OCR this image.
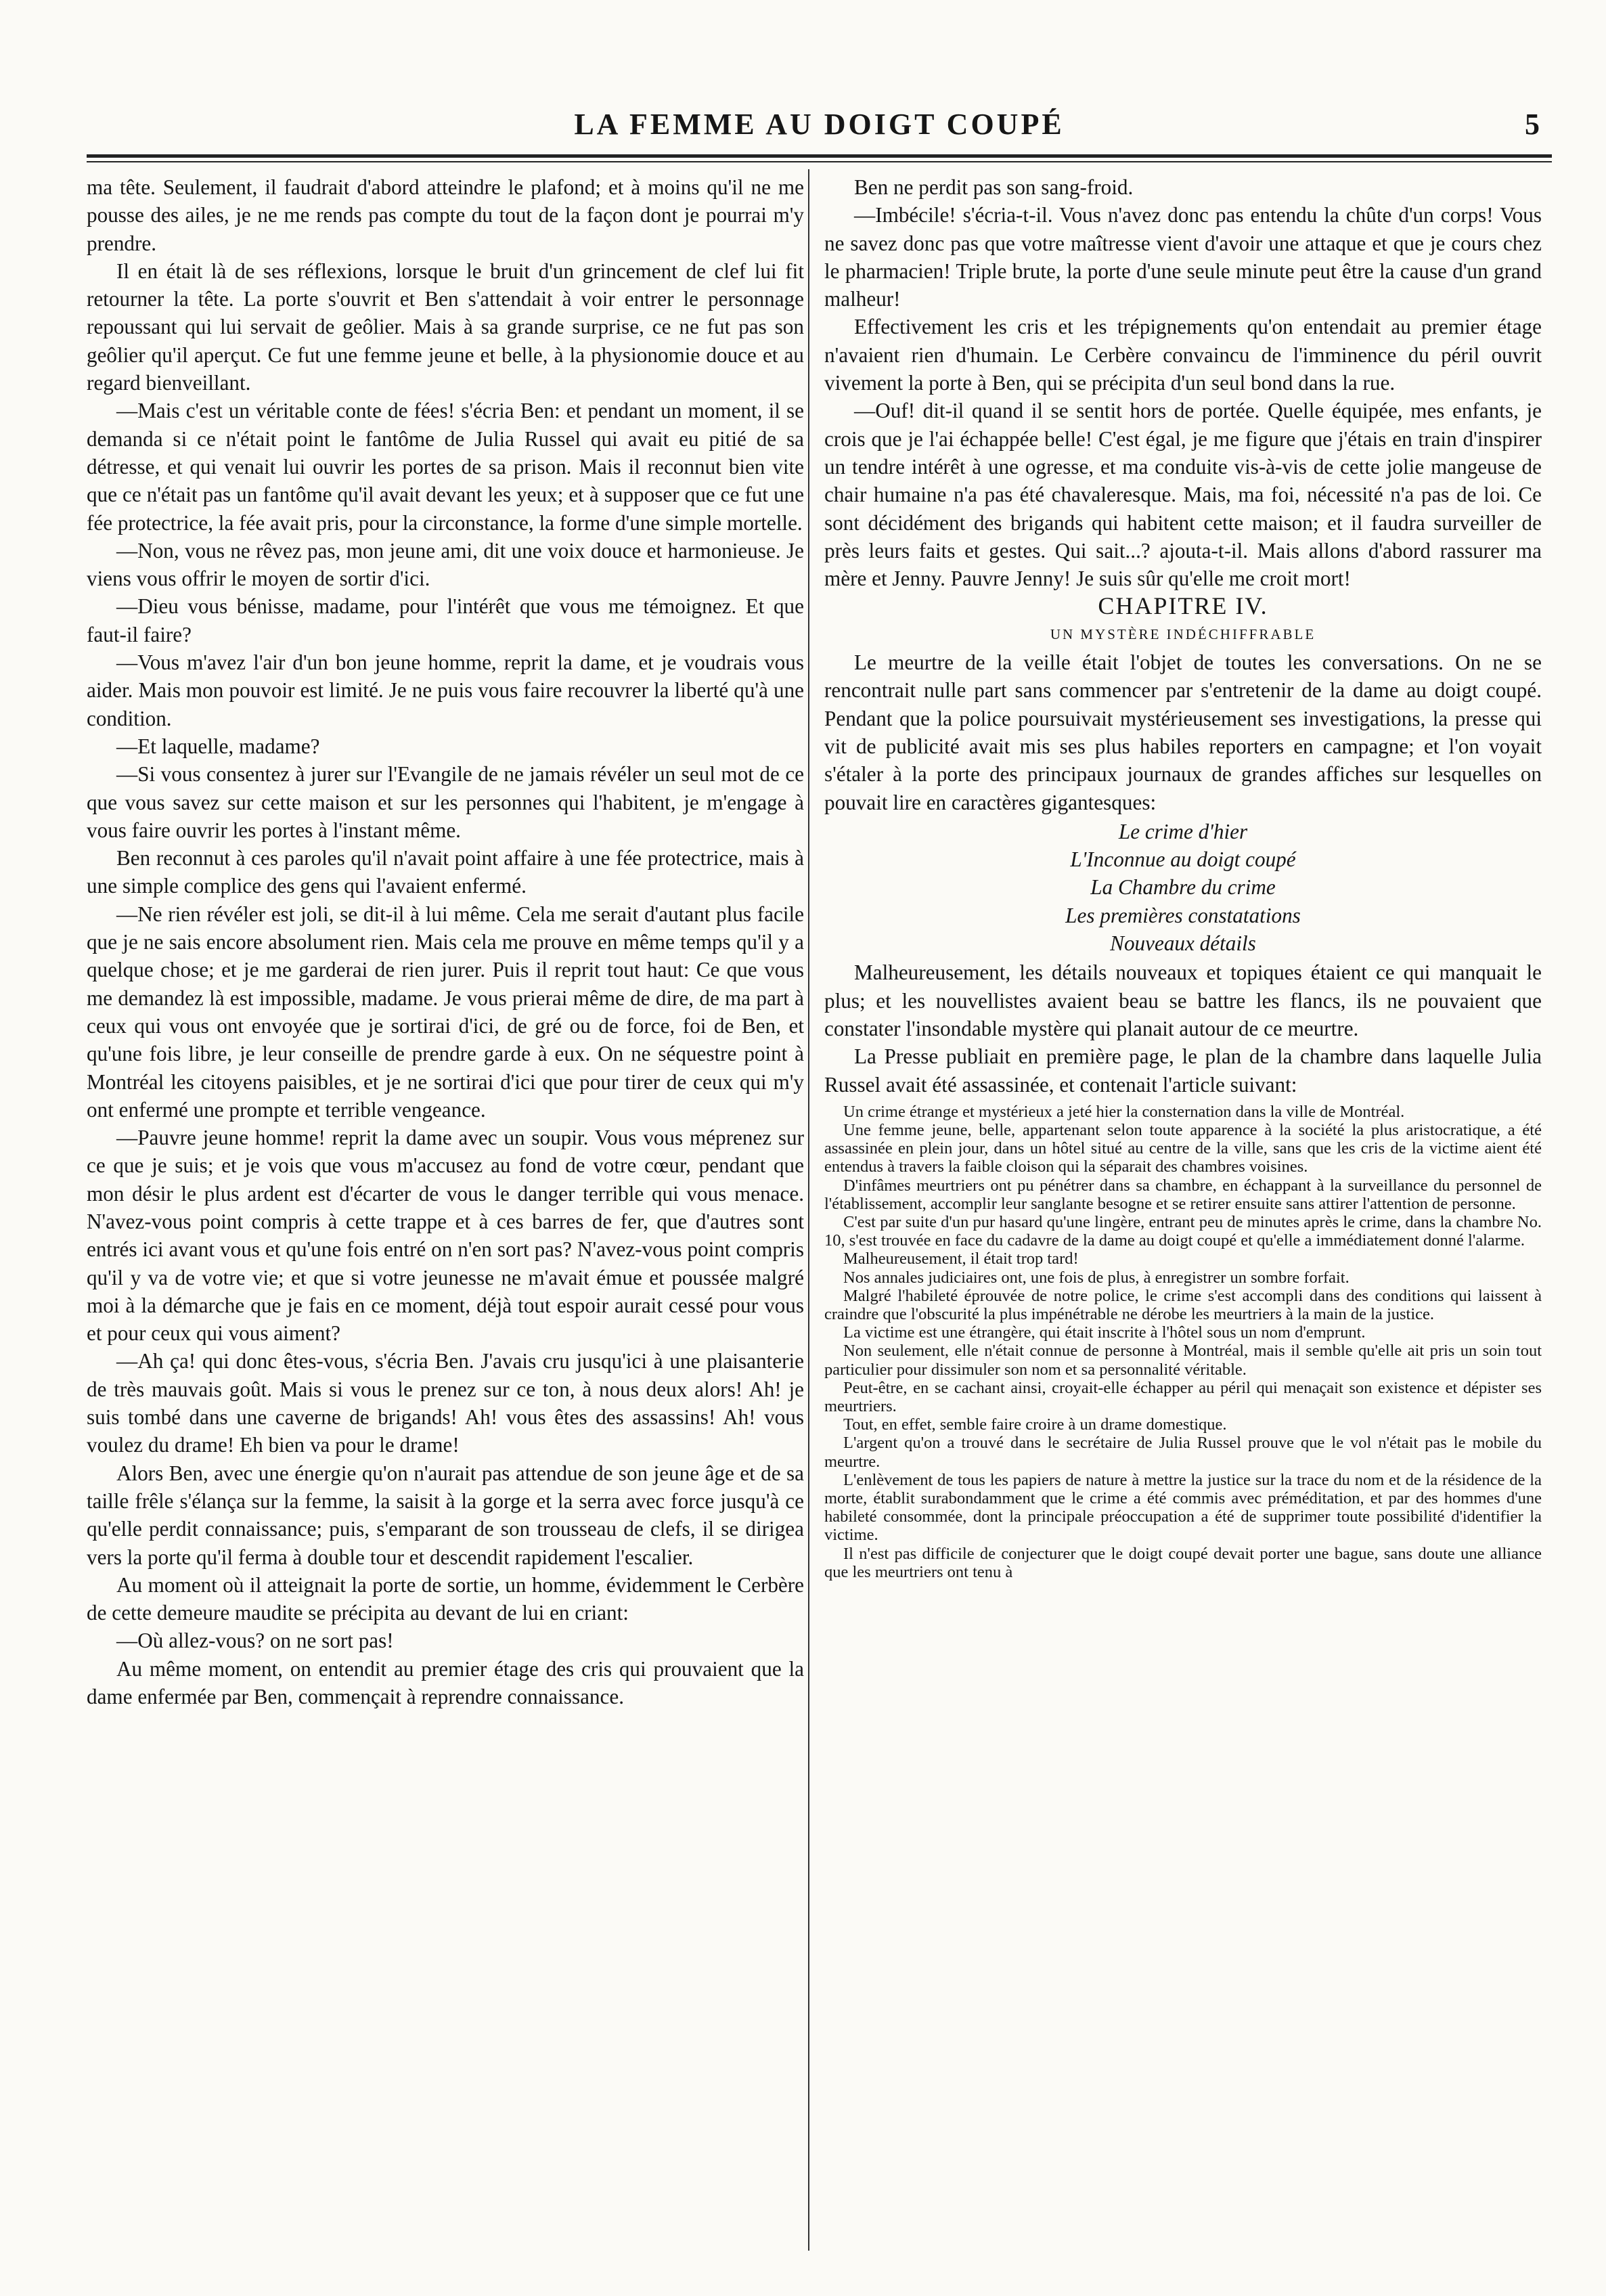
LA FEMME AU DOIGT COUPÉ	5

ma tête. Seulement, il faudrait d'abord atteindre le plafond; et à moins qu'il ne me pousse des ailes, je ne me rends pas compte du tout de la façon dont je pourrai m'y prendre.

Il en était là de ses réflexions, lorsque le bruit d'un grincement de clef lui fit retourner la tête. La porte s'ouvrit et Ben s'attendait à voir entrer le personnage repoussant qui lui servait de geôlier. Mais à sa grande surprise, ce ne fut pas son geôlier qu'il aperçut. Ce fut une femme jeune et belle, à la physionomie douce et au regard bienveillant.

—Mais c'est un véritable conte de fées! s'écria Ben: et pendant un moment, il se demanda si ce n'était point le fantôme de Julia Russel qui avait eu pitié de sa détresse, et qui venait lui ouvrir les portes de sa prison. Mais il reconnut bien vite que ce n'était pas un fantôme qu'il avait devant les yeux; et à supposer que ce fut une fée protectrice, la fée avait pris, pour la circonstance, la forme d'une simple mortelle.

—Non, vous ne rêvez pas, mon jeune ami, dit une voix douce et harmonieuse. Je viens vous offrir le moyen de sortir d'ici.

—Dieu vous bénisse, madame, pour l'intérêt que vous me témoignez. Et que faut-il faire?

—Vous m'avez l'air d'un bon jeune homme, reprit la dame, et je voudrais vous aider. Mais mon pouvoir est limité. Je ne puis vous faire recouvrer la liberté qu'à une condition.

—Et laquelle, madame?

—Si vous consentez à jurer sur l'Evangile de ne jamais révéler un seul mot de ce que vous savez sur cette maison et sur les personnes qui l'habitent, je m'engage à vous faire ouvrir les portes à l'instant même.

Ben reconnut à ces paroles qu'il n'avait point affaire à une fée protectrice, mais à une simple complice des gens qui l'avaient enfermé.

—Ne rien révéler est joli, se dit-il à lui même. Cela me serait d'autant plus facile que je ne sais encore absolument rien. Mais cela me prouve en même temps qu'il y a quelque chose; et je me garderai de rien jurer. Puis il reprit tout haut: Ce que vous me demandez là est impossible, madame. Je vous prierai même de dire, de ma part à ceux qui vous ont envoyée que je sortirai d'ici, de gré ou de force, foi de Ben, et qu'une fois libre, je leur conseille de prendre garde à eux. On ne séquestre point à Montréal les citoyens paisibles, et je ne sortirai d'ici que pour tirer de ceux qui m'y ont enfermé une prompte et terrible vengeance.

—Pauvre jeune homme! reprit la dame avec un soupir. Vous vous méprenez sur ce que je suis; et je vois que vous m'accusez au fond de votre cœur, pendant que mon désir le plus ardent est d'écarter de vous le danger terrible qui vous menace. N'avez-vous point compris à cette trappe et à ces barres de fer, que d'autres sont entrés ici avant vous et qu'une fois entré on n'en sort pas? N'avez-vous point compris qu'il y va de votre vie; et que si votre jeunesse ne m'avait émue et poussée malgré moi à la démarche que je fais en ce moment, déjà tout espoir aurait cessé pour vous et pour ceux qui vous aiment?

—Ah ça! qui donc êtes-vous, s'écria Ben. J'avais cru jusqu'ici à une plaisanterie de très mauvais goût. Mais si vous le prenez sur ce ton, à nous deux alors! Ah! je suis tombé dans une caverne de brigands! Ah! vous êtes des assassins! Ah! vous voulez du drame! Eh bien va pour le drame!

Alors Ben, avec une énergie qu'on n'aurait pas attendue de son jeune âge et de sa taille frêle s'élança sur la femme, la saisit à la gorge et la serra avec force jusqu'à ce qu'elle perdit connaissance; puis, s'emparant de son trousseau de clefs, il se dirigea vers la porte qu'il ferma à double tour et descendit rapidement l'escalier.

Au moment où il atteignait la porte de sortie, un homme, évidemment le Cerbère de cette demeure maudite se précipita au devant de lui en criant:

—Où allez-vous? on ne sort pas!

Au même moment, on entendit au premier étage des cris qui prouvaient que la dame enfermée par Ben, commençait à reprendre connaissance.

Ben ne perdit pas son sang-froid.

—Imbécile! s'écria-t-il. Vous n'avez donc pas entendu la chûte d'un corps! Vous ne savez donc pas que votre maîtresse vient d'avoir une attaque et que je cours chez le pharmacien! Triple brute, la porte d'une seule minute peut être la cause d'un grand malheur!

Effectivement les cris et les trépignements qu'on entendait au premier étage n'avaient rien d'humain. Le Cerbère convaincu de l'imminence du péril ouvrit vivement la porte à Ben, qui se précipita d'un seul bond dans la rue.

—Ouf! dit-il quand il se sentit hors de portée. Quelle équipée, mes enfants, je crois que je l'ai échappée belle! C'est égal, je me figure que j'étais en train d'inspirer un tendre intérêt à une ogresse, et ma conduite vis-à-vis de cette jolie mangeuse de chair humaine n'a pas été chavaleresque. Mais, ma foi, nécessité n'a pas de loi. Ce sont décidément des brigands qui habitent cette maison; et il faudra surveiller de près leurs faits et gestes. Qui sait...? ajouta-t-il. Mais allons d'abord rassurer ma mère et Jenny. Pauvre Jenny! Je suis sûr qu'elle me croit mort!

CHAPITRE IV.

UN MYSTÈRE INDÉCHIFFRABLE

Le meurtre de la veille était l'objet de toutes les conversations. On ne se rencontrait nulle part sans commencer par s'entretenir de la dame au doigt coupé. Pendant que la police poursuivait mystérieusement ses investigations, la presse qui vit de publicité avait mis ses plus habiles reporters en campagne; et l'on voyait s'étaler à la porte des principaux journaux de grandes affiches sur lesquelles on pouvait lire en caractères gigantesques:

Le crime d'hier
L'Inconnue au doigt coupé
La Chambre du crime
Les premières constatations
Nouveaux détails

Malheureusement, les détails nouveaux et topiques étaient ce qui manquait le plus; et les nouvellistes avaient beau se battre les flancs, ils ne pouvaient que constater l'insondable mystère qui planait autour de ce meurtre.

La Presse publiait en première page, le plan de la chambre dans laquelle Julia Russel avait été assassinée, et contenait l'article suivant:

Un crime étrange et mystérieux a jeté hier la consternation dans la ville de Montréal.

Une femme jeune, belle, appartenant selon toute apparence à la société la plus aristocratique, a été assassinée en plein jour, dans un hôtel situé au centre de la ville, sans que les cris de la victime aient été entendus à travers la faible cloison qui la séparait des chambres voisines.

D'infâmes meurtriers ont pu pénétrer dans sa chambre, en échappant à la surveillance du personnel de l'établissement, accomplir leur sanglante besogne et se retirer ensuite sans attirer l'attention de personne.

C'est par suite d'un pur hasard qu'une lingère, entrant peu de minutes après le crime, dans la chambre No. 10, s'est trouvée en face du cadavre de la dame au doigt coupé et qu'elle a immédiatement donné l'alarme.

Malheureusement, il était trop tard!

Nos annales judiciaires ont, une fois de plus, à enregistrer un sombre forfait.

Malgré l'habileté éprouvée de notre police, le crime s'est accompli dans des conditions qui laissent à craindre que l'obscurité la plus impénétrable ne dérobe les meurtriers à la main de la justice.

La victime est une étrangère, qui était inscrite à l'hôtel sous un nom d'emprunt.

Non seulement, elle n'était connue de personne à Montréal, mais il semble qu'elle ait pris un soin tout particulier pour dissimuler son nom et sa personnalité véritable.

Peut-être, en se cachant ainsi, croyait-elle échapper au péril qui menaçait son existence et dépister ses meurtriers.

Tout, en effet, semble faire croire à un drame domestique.

L'argent qu'on a trouvé dans le secrétaire de Julia Russel prouve que le vol n'était pas le mobile du meurtre.

L'enlèvement de tous les papiers de nature à mettre la justice sur la trace du nom et de la résidence de la morte, établit surabondamment que le crime a été commis avec préméditation, et par des hommes d'une habileté consommée, dont la principale préoccupation a été de supprimer toute possibilité d'identifier la victime.

Il n'est pas difficile de conjecturer que le doigt coupé devait porter une bague, sans doute une alliance que les meurtriers ont tenu à
